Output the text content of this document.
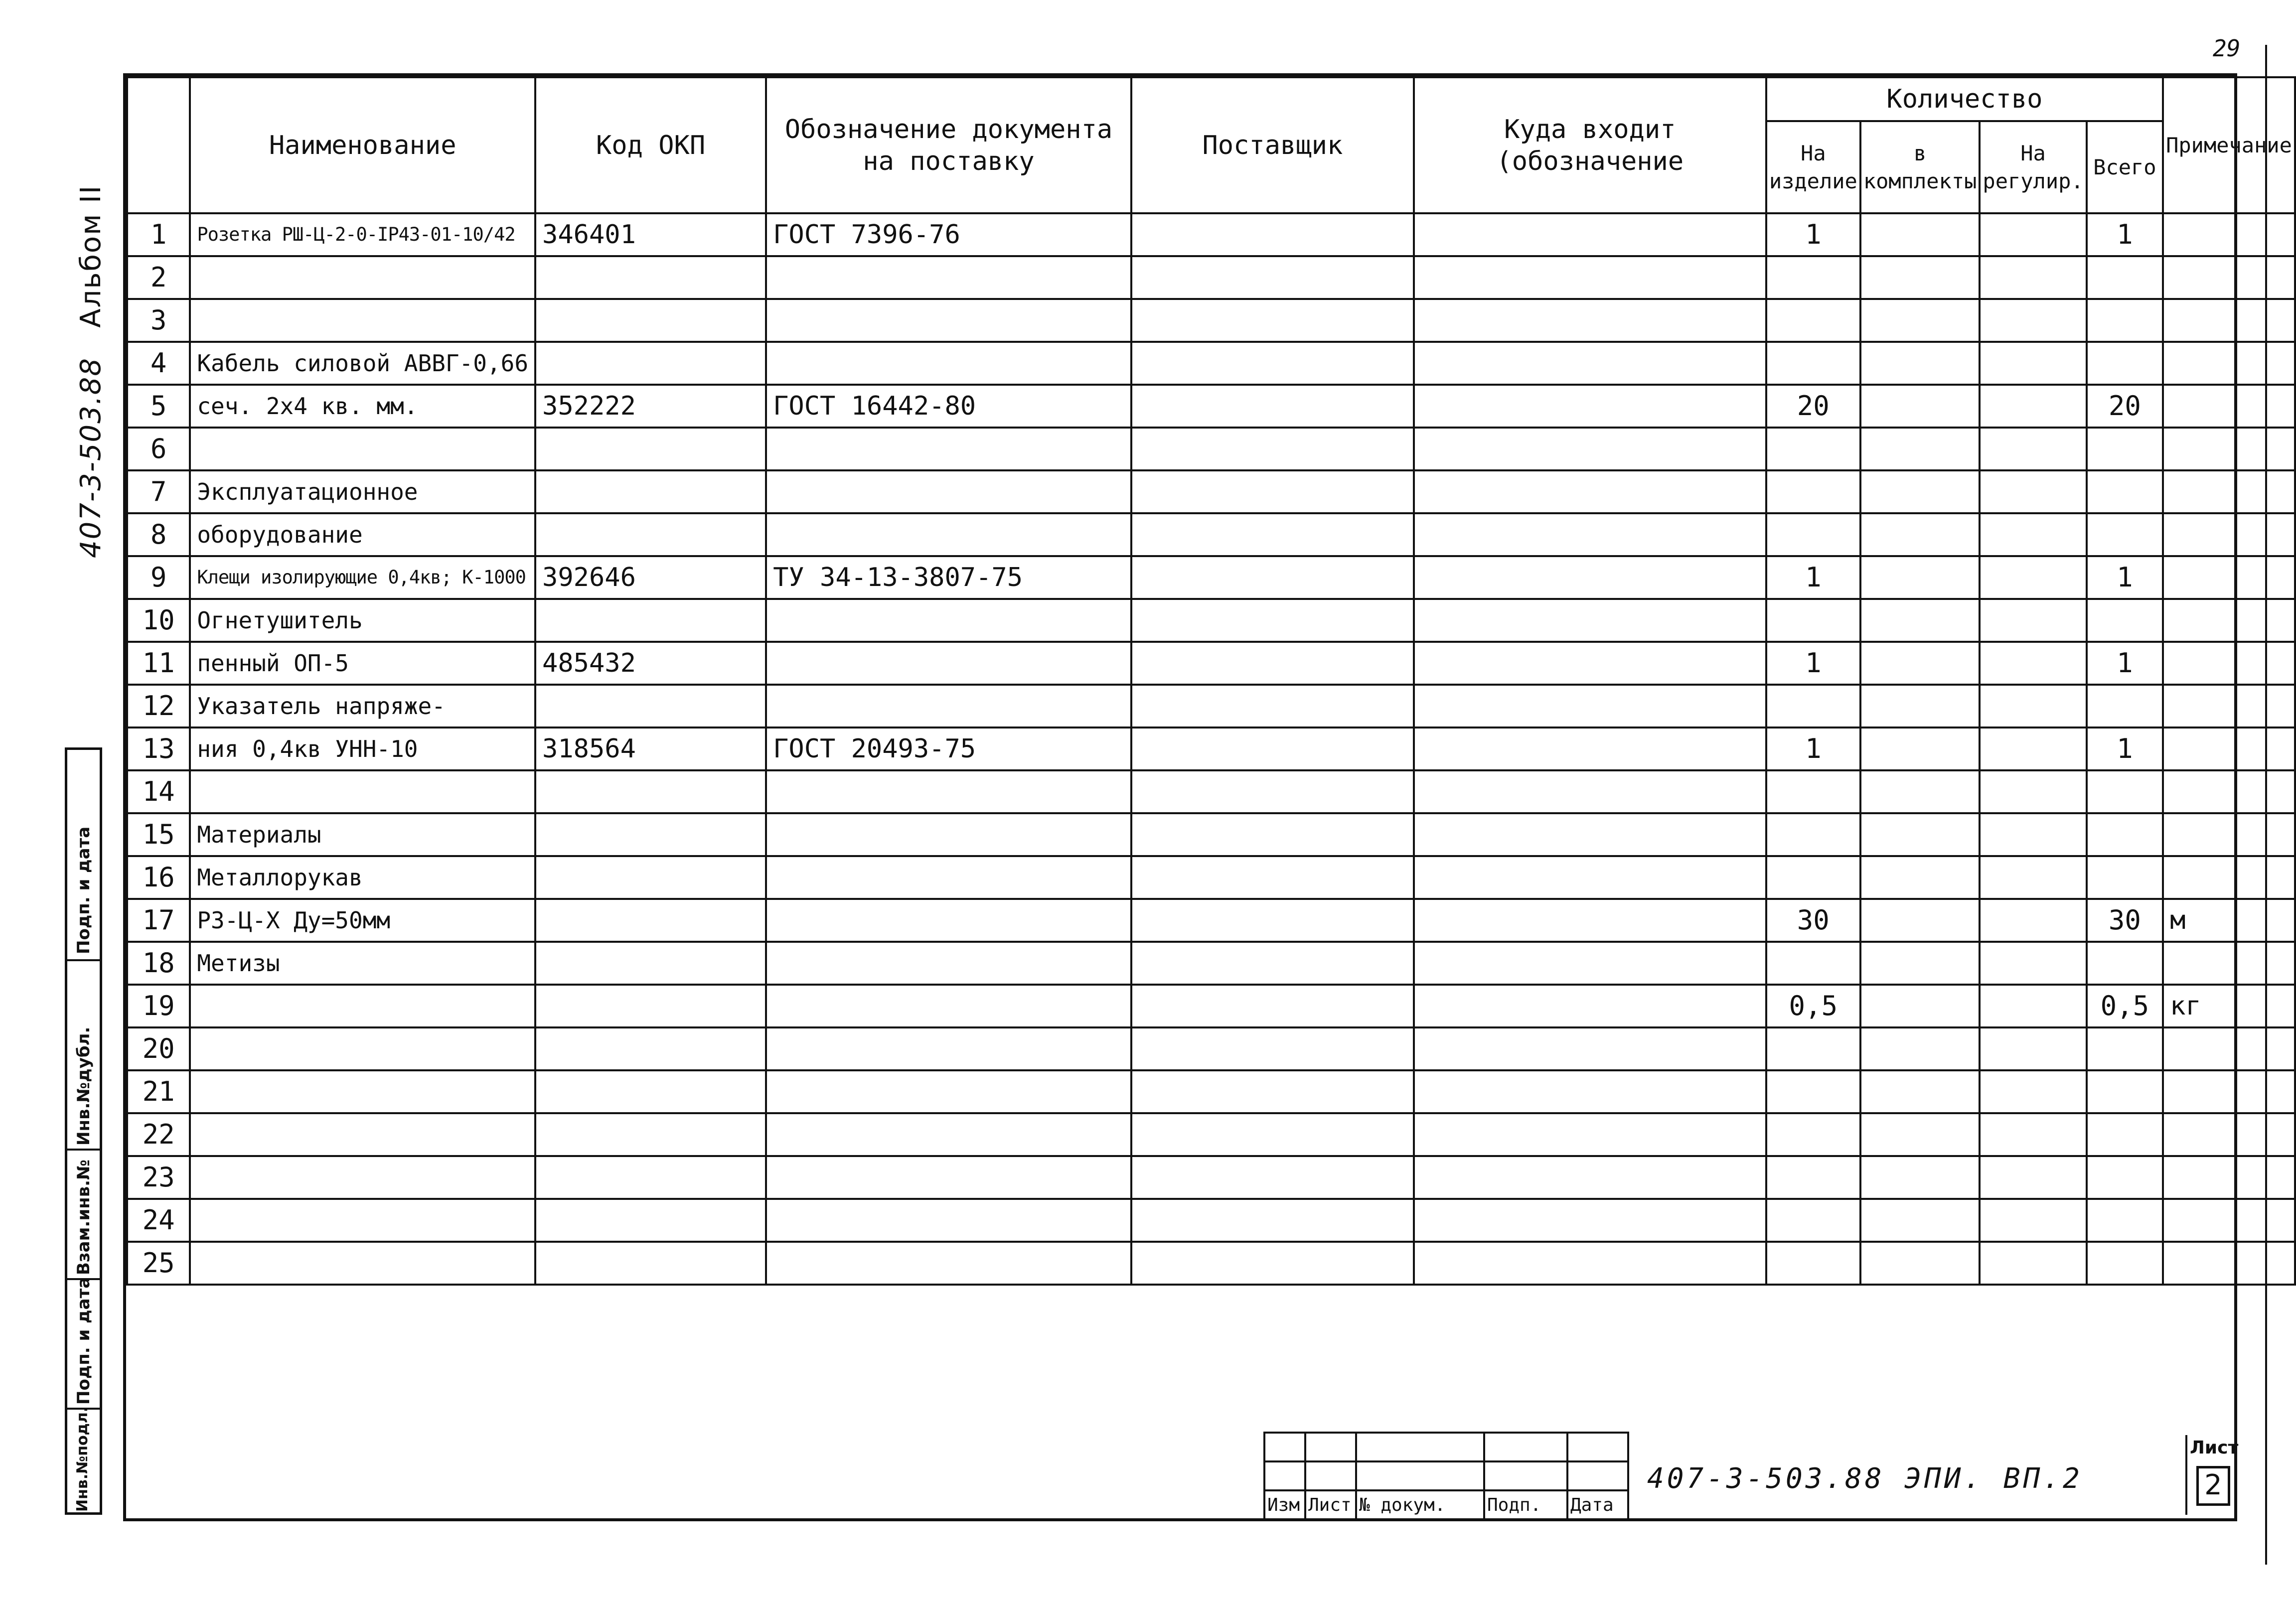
29
407-3-503.88   Альбом II
Подп. и дата
Инв.№дубл.
Взам.инв.№
Подп. и дата
Инв.№подл.
	Наименование	Код ОКП	Обозначение документа на поставку	Поставщик	Куда входит (обозначение	Количество				Примечание
						На изделие	в комплекты	На регулир.	Всего	
1	Розетка РШ-Ц-2-0-IР43-01-10/42	346401	ГОСТ 7396-76			1			1	
2										
3										
4	Кабель силовой АВВГ-0,66									
5	сеч. 2х4 кв. мм.	352222	ГОСТ 16442-80			20			20	
6										
7	Эксплуатационное									
8	оборудование									
9	Клещи изолирующие 0,4кв; К-1000	392646	ТУ 34-13-3807-75			1			1	
10	Огнетушитель									
11	пенный ОП-5	485432				1			1	
12	Указатель напряже-									
13	ния 0,4кв УНН-10	318564	ГОСТ 20493-75			1			1	
14										
15	Материалы									
16	Металлорукав									
17	Р3-Ц-Х Ду=50мм					30			30	м
18	Метизы									
19						0,5			0,5	кг
20										
21										
22										
23										
24										
25										

Изм	Лист	№ докум.	Подп.	Дата
407-3-503.88 ЭПИ. ВП.2
Лист
2
